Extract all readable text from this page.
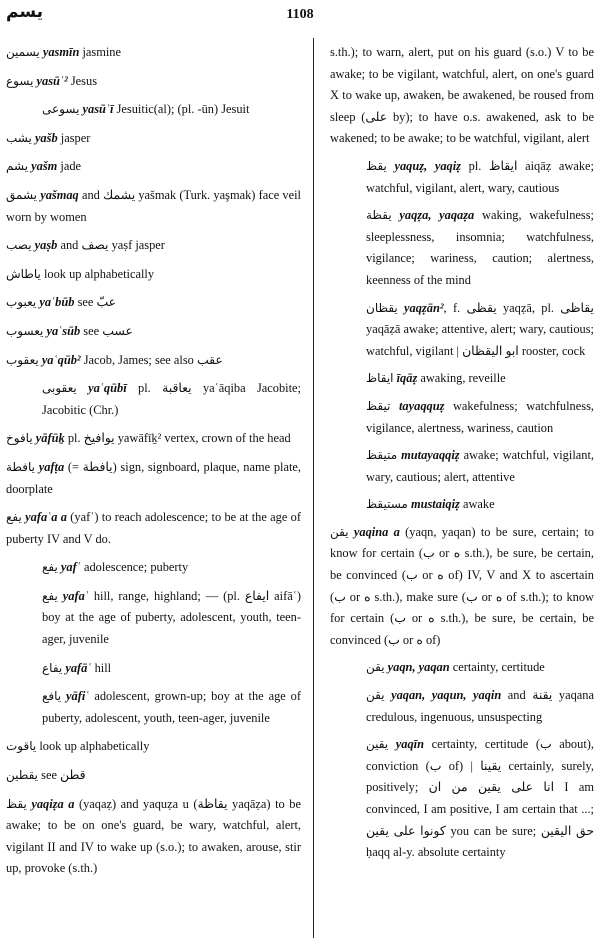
يسم	1108
يسمين yasmīn jasmine
يسوع yasūʿ² Jesus
يسوعى yasūʿī Jesuitic(al); (pl. -ūn) Jesuit
يشب yašb jasper
يشم yašm jade
يشمق yašmaq and يشمك yašmak (Turk. yaşmak) face veil worn by women
يصب yaṣb and يصف yaṣf jasper
ياطاش look up alphabetically
يعبوب yaʿbūb see عبّ
يعسوب yaʿsūb see عسب
يعقوب yaʿqūb² Jacob, James; see also عقب
يعقوبى yaʿqūbī pl. يعاقبة yaʿāqiba Jacobite; Jacobitic (Chr.)
يافوخ yāfūḵ pl. يوافيخ yawāfīḵ² vertex, crown of the head
يافطة yafṭa (= يافطة) sign, signboard, plaque, name plate, doorplate
يفع yafaʿa a (yafʿ) to reach adolescence; to be at the age of puberty IV and V do.
يفع yafʿ adolescence; puberty
يفع yafaʿ hill, range, highland; — (pl. ايفاع aifāʿ) boy at the age of puberty, adolescent, youth, teen-ager, juvenile
يفاع yafāʿ hill
يافع yāfiʿ adolescent, grown-up; boy at the age of puberty, adolescent, youth, teen-ager, juvenile
ياقوت look up alphabetically
يقطين see قطن
يقظ yaqiẓa a (yaqaẓ) and yaquẓa u (يقاظة yaqāẓa) to be awake; to be on one's guard, be wary, watchful, alert, vigilant II and IV to wake up (s.o.); to awaken, arouse, stir up, provoke (s.th.)
s.th.); to warn, alert, put on his guard (s.o.) V to be awake; to be vigilant, watchful, alert, on one's guard X to wake up, awaken, be awakened, be roused from sleep (على by); to have o.s. awakened, ask to be wakened; to be awake; to be watchful, vigilant, alert
يقظ yaquẓ, yaqiẓ pl. ايقاظ aiqāẓ awake; watchful, vigilant, alert, wary, cautious
يقظة yaqẓa, yaqaẓa waking, wakefulness; sleeplessness, insomnia; watchfulness, vigilance; wariness, caution; alertness, keenness of the mind
يقظان yaqẓān², f. يقظى yaqẓā, pl. يقاظى yaqāẓā awake; attentive, alert; wary, cautious; watchful, vigilant | ابو اليقظان rooster, cock
ايقاظ īqāẓ awaking, reveille
تيقظ tayaqquẓ wakefulness; watchfulness, vigilance, alertness, wariness, caution
متيقظ mutayaqqiẓ awake; watchful, vigilant, wary, cautious; alert, attentive
مستيقظ mustaiqiẓ awake
يقن yaqina a (yaqn, yaqan) to be sure, certain; to know for certain (ب or ه s.th.), be sure, be certain, be convinced (ب or ه of) IV, V and X to ascertain (ب or ه s.th.), make sure (ب or ه of s.th.); to know for certain (ب or ه s.th.), be sure, be certain, be convinced (ب or ه of)
يقن yaqn, yaqan certainty, certitude
يقن yaqan, yaqun, yaqin and يقنة yaqana credulous, ingenuous, unsuspecting
يقين yaqīn certainty, certitude (ب about), conviction (ب of) | يقينا certainly, surely, positively; انا على يقين من ان I am convinced, I am positive, I am certain that ...; كونوا على يقين you can be sure; حق اليقين ḥaqq al-y. absolute certainty
